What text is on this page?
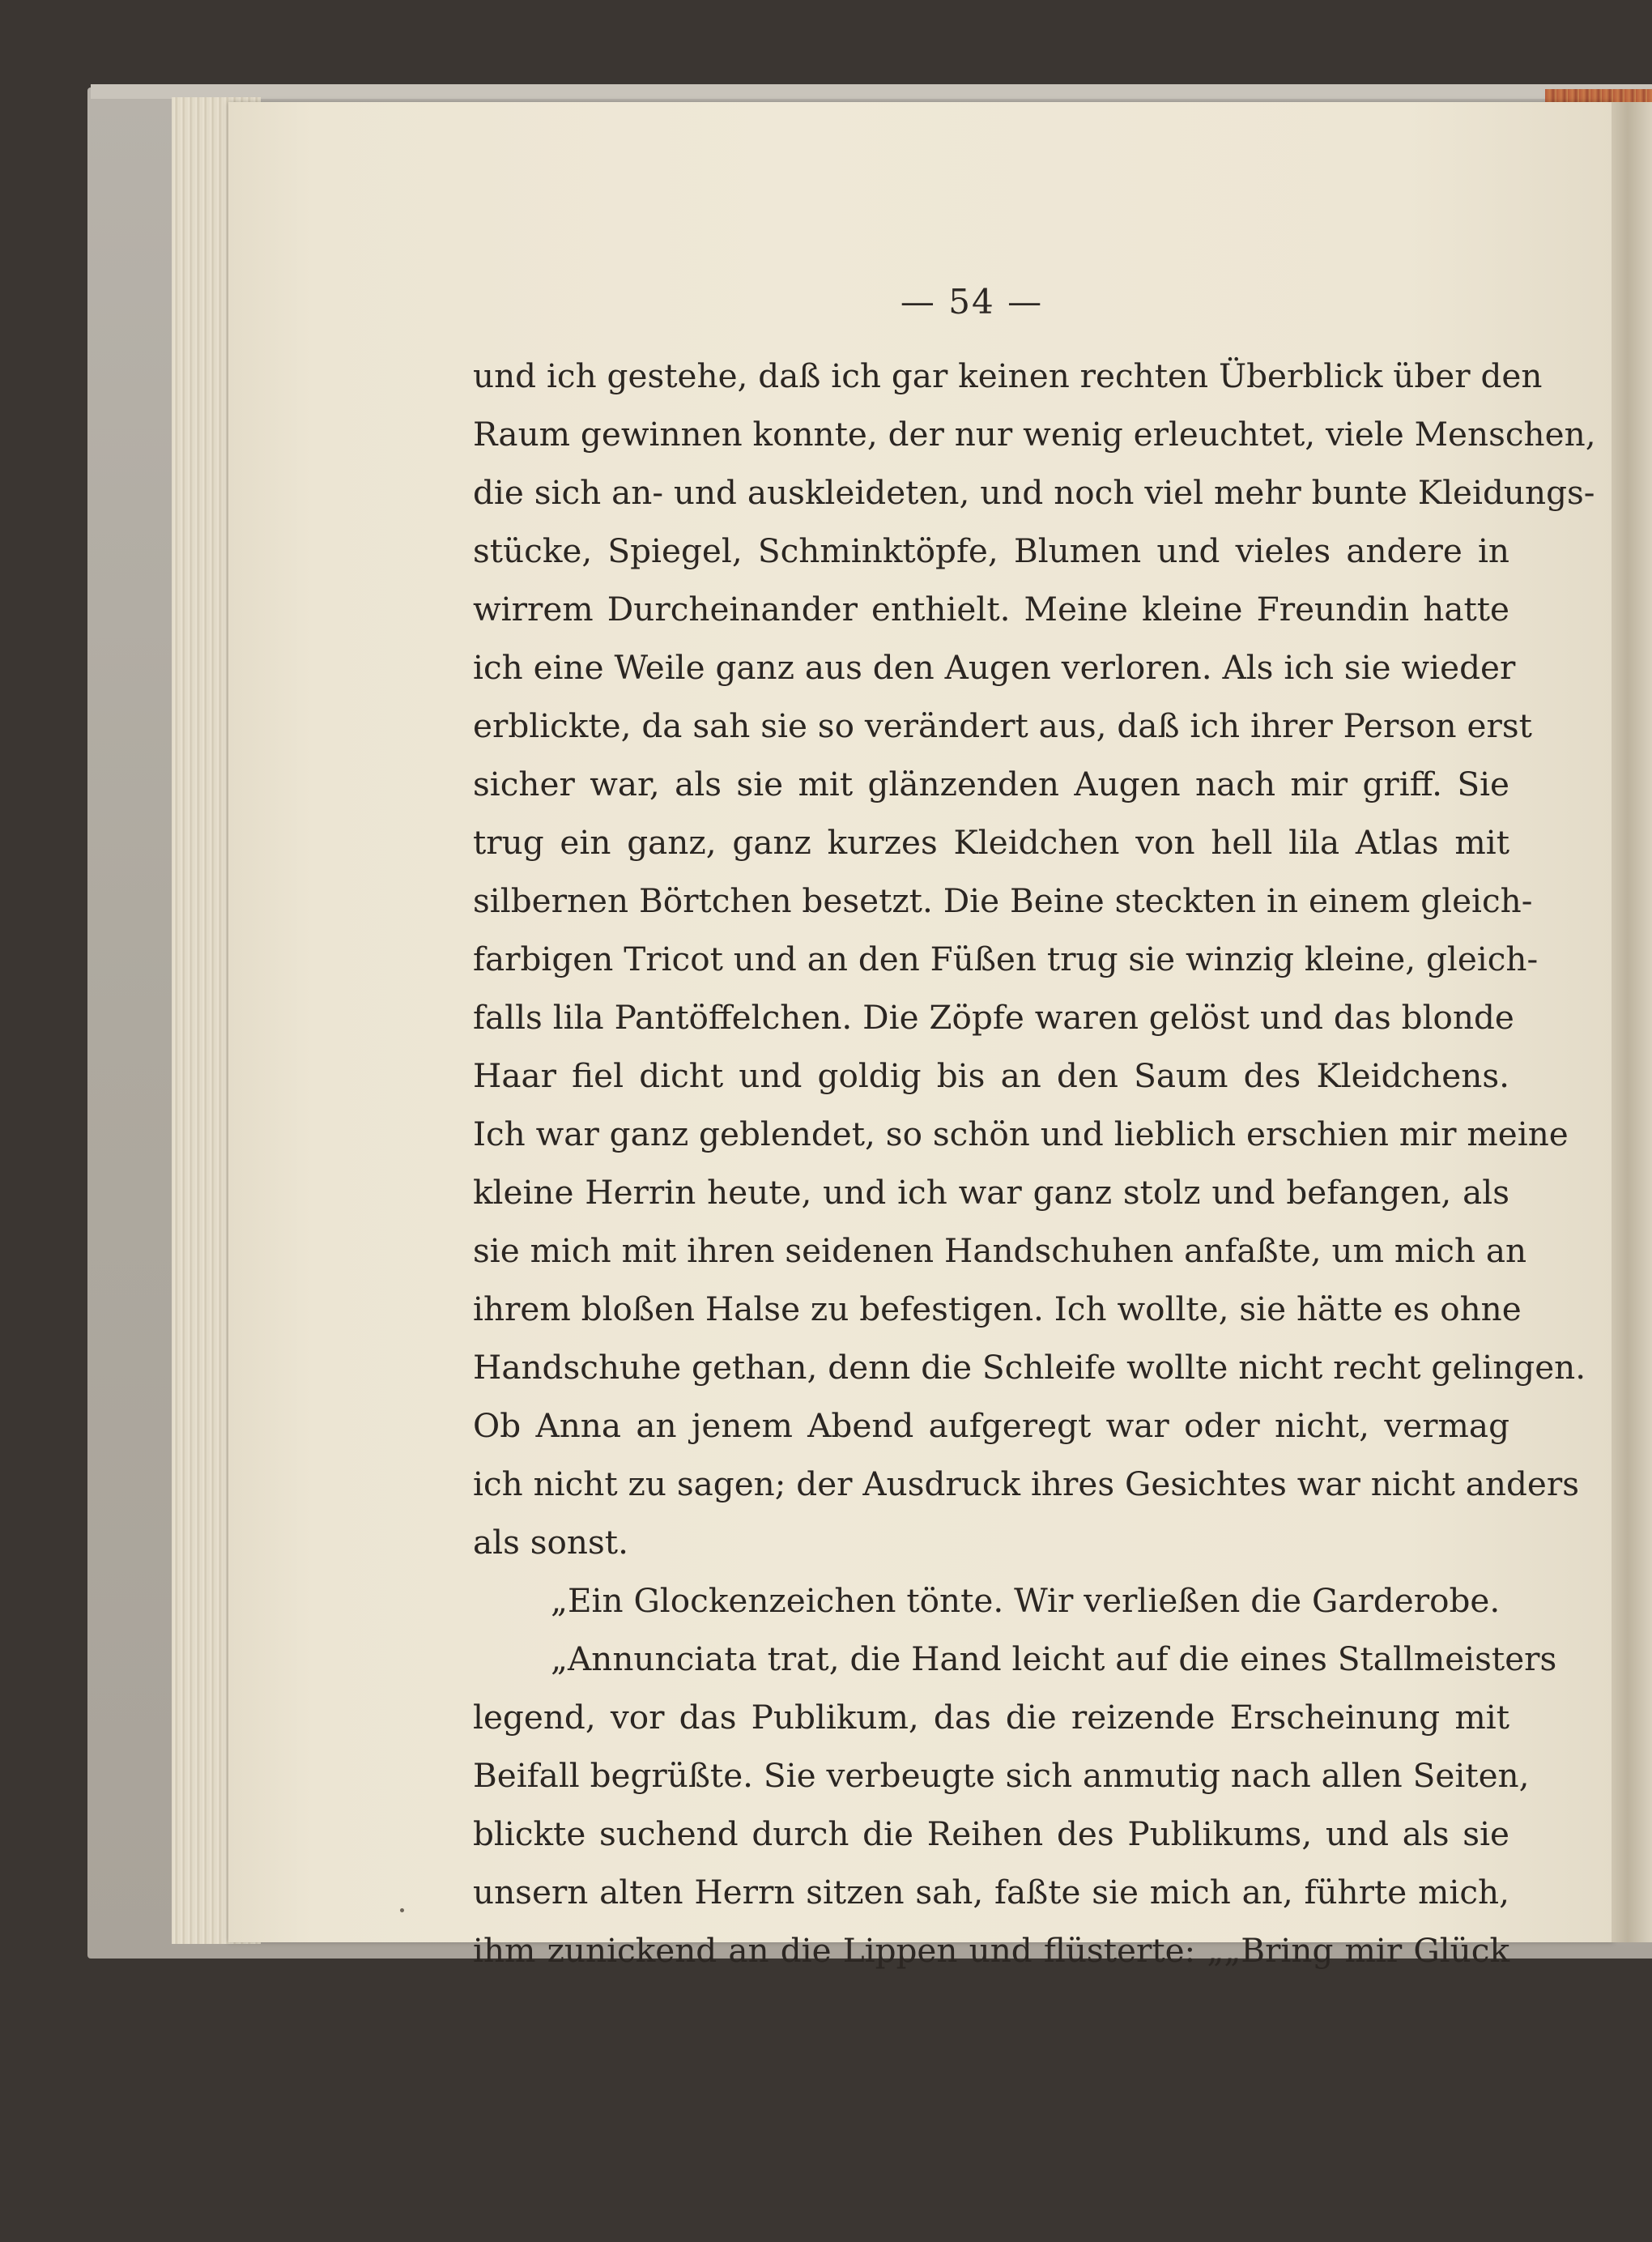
— 54 —
und ich gestehe, daß ich gar keinen rechten Überblick über den
Raum gewinnen konnte, der nur wenig erleuchtet, viele Menschen,
die sich an- und auskleideten, und noch viel mehr bunte Kleidungs-
stücke, Spiegel, Schminktöpfe, Blumen und vieles andere in
wirrem Durcheinander enthielt. Meine kleine Freundin hatte
ich eine Weile ganz aus den Augen verloren. Als ich sie wieder
erblickte, da sah sie so verändert aus, daß ich ihrer Person erst
sicher war, als sie mit glänzenden Augen nach mir griff. Sie
trug ein ganz, ganz kurzes Kleidchen von hell lila Atlas mit
silbernen Börtchen besetzt. Die Beine steckten in einem gleich-
farbigen Tricot und an den Füßen trug sie winzig kleine, gleich-
falls lila Pantöffelchen. Die Zöpfe waren gelöst und das blonde
Haar fiel dicht und goldig bis an den Saum des Kleidchens.
Ich war ganz geblendet, so schön und lieblich erschien mir meine
kleine Herrin heute, und ich war ganz stolz und befangen, als
sie mich mit ihren seidenen Handschuhen anfaßte, um mich an
ihrem bloßen Halse zu befestigen. Ich wollte, sie hätte es ohne
Handschuhe gethan, denn die Schleife wollte nicht recht gelingen.
Ob Anna an jenem Abend aufgeregt war oder nicht, vermag
ich nicht zu sagen; der Ausdruck ihres Gesichtes war nicht anders
als sonst.
„Ein Glockenzeichen tönte. Wir verließen die Garderobe.
„Annunciata trat, die Hand leicht auf die eines Stallmeisters
legend, vor das Publikum, das die reizende Erscheinung mit
Beifall begrüßte. Sie verbeugte sich anmutig nach allen Seiten,
blickte suchend durch die Reihen des Publikums, und als sie
unsern alten Herrn sitzen sah, faßte sie mich an, führte mich,
ihm zunickend an die Lippen und flüsterte: „„Bring mir Glück
